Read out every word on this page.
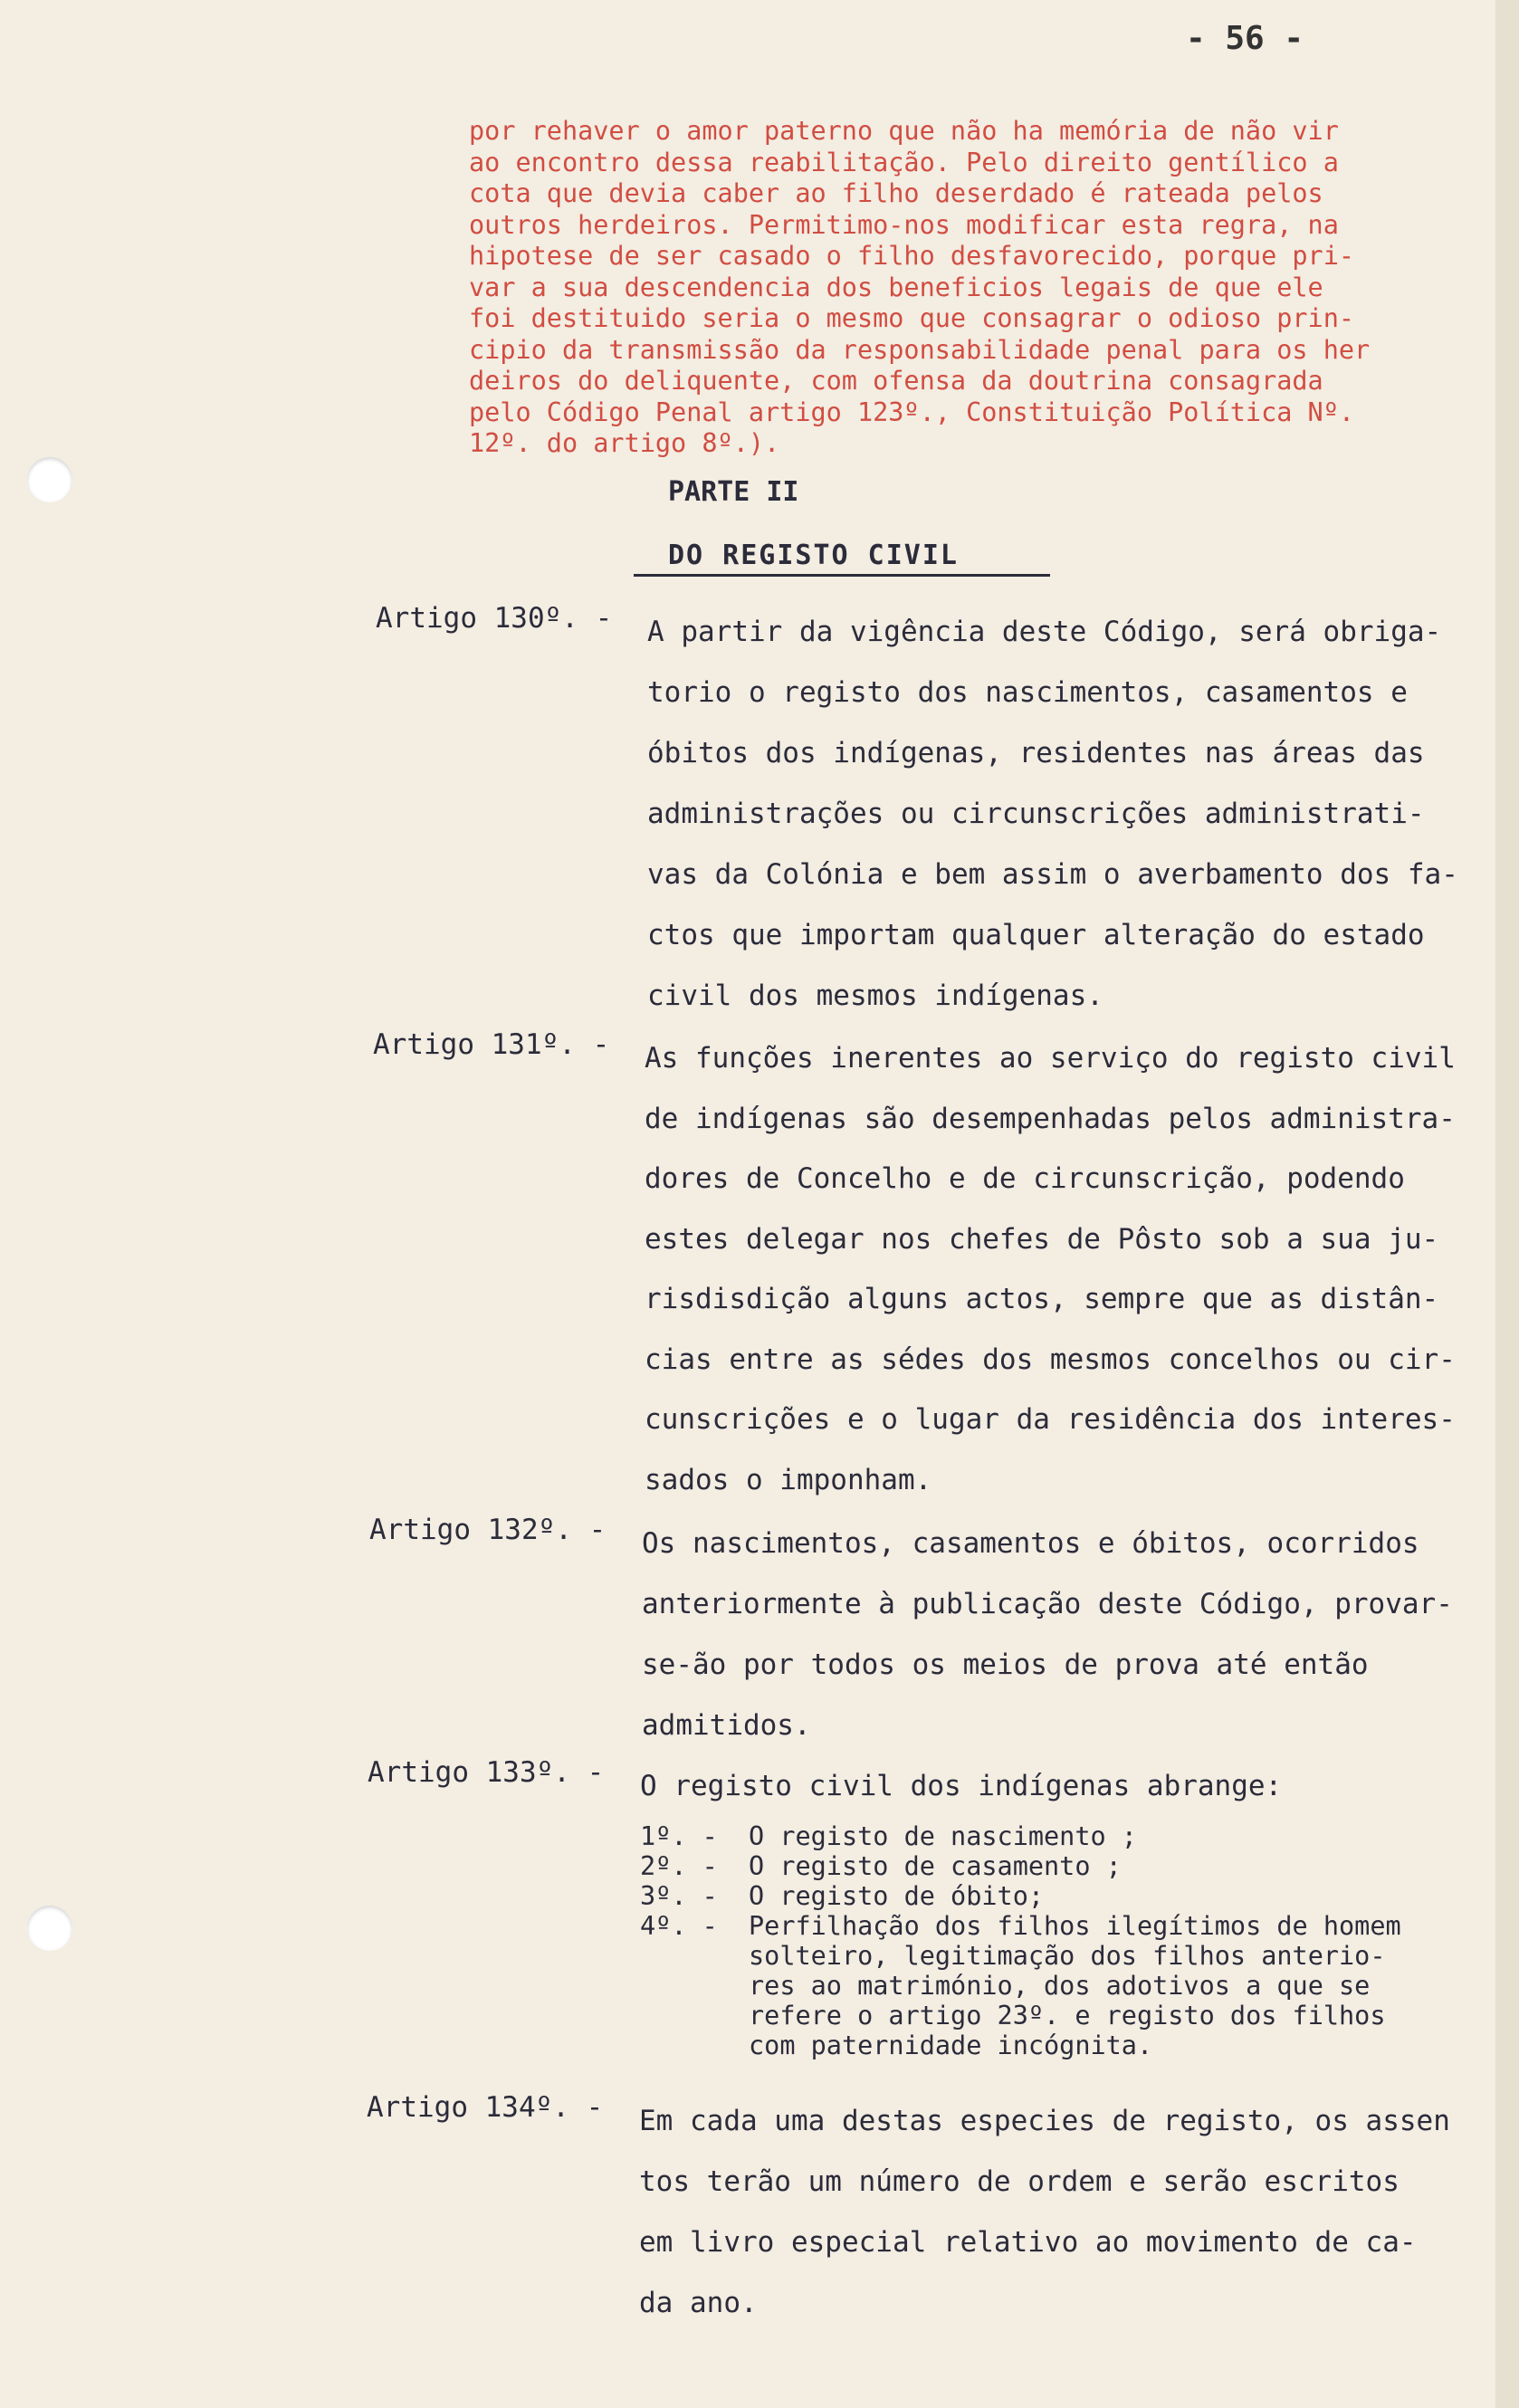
- 56 -
por rehaver o amor paterno que não ha memória de não vir
ao encontro dessa reabilitação. Pelo direito gentílico a
cota que devia caber ao filho deserdado é rateada pelos
outros herdeiros. Permitimo-nos modificar esta regra, na
hipotese de ser casado o filho desfavorecido, porque pri-
var a sua descendencia dos beneficios legais de que ele
foi destituido seria o mesmo que consagrar o odioso prin-
cipio da transmissão da responsabilidade penal para os her
deiros do deliquente, com ofensa da doutrina consagrada
pelo Código Penal artigo 123º., Constituição Política Nº.
12º. do artigo 8º.).
PARTE II
DO REGISTO CIVIL
Artigo 130º. - A partir da vigência deste Código, será obriga-
torio o registo dos nascimentos, casamentos e
óbitos dos indígenas, residentes nas áreas das
administrações ou circunscrições administrati-
vas da Colónia e bem assim o averbamento dos fa-
ctos que importam qualquer alteração do estado
civil dos mesmos indígenas.
Artigo 131º. - As funções inerentes ao serviço do registo civil
de indígenas são desempenhadas pelos administra-
dores de Concelho e de circunscrição, podendo
estes delegar nos chefes de Pôsto sob a sua ju-
risdisdição alguns actos, sempre que as distân-
cias entre as sédes dos mesmos concelhos ou cir-
cunscrições e o lugar da residência dos interes-
sados o imponham.
Artigo 132º. - Os nascimentos, casamentos e óbitos, ocorridos
anteriormente à publicação deste Código, provar-
se-ão por todos os meios de prova até então
admitidos.
Artigo 133º. - O registo civil dos indígenas abrange:
1º. -	O registo de nascimento ;
2º. -	O registo de casamento ;
3º. -	O registo de óbito;
4º. -	Perfilhação dos filhos ilegítimos de homem
solteiro, legitimação dos filhos anterio-
res ao matrimónio, dos adotivos a que se
refere o artigo 23º. e registo dos filhos
com paternidade incógnita.
Artigo 134º. - Em cada uma destas especies de registo, os assen
tos terão um número de ordem e serão escritos
em livro especial relativo ao movimento de ca-
da ano.
